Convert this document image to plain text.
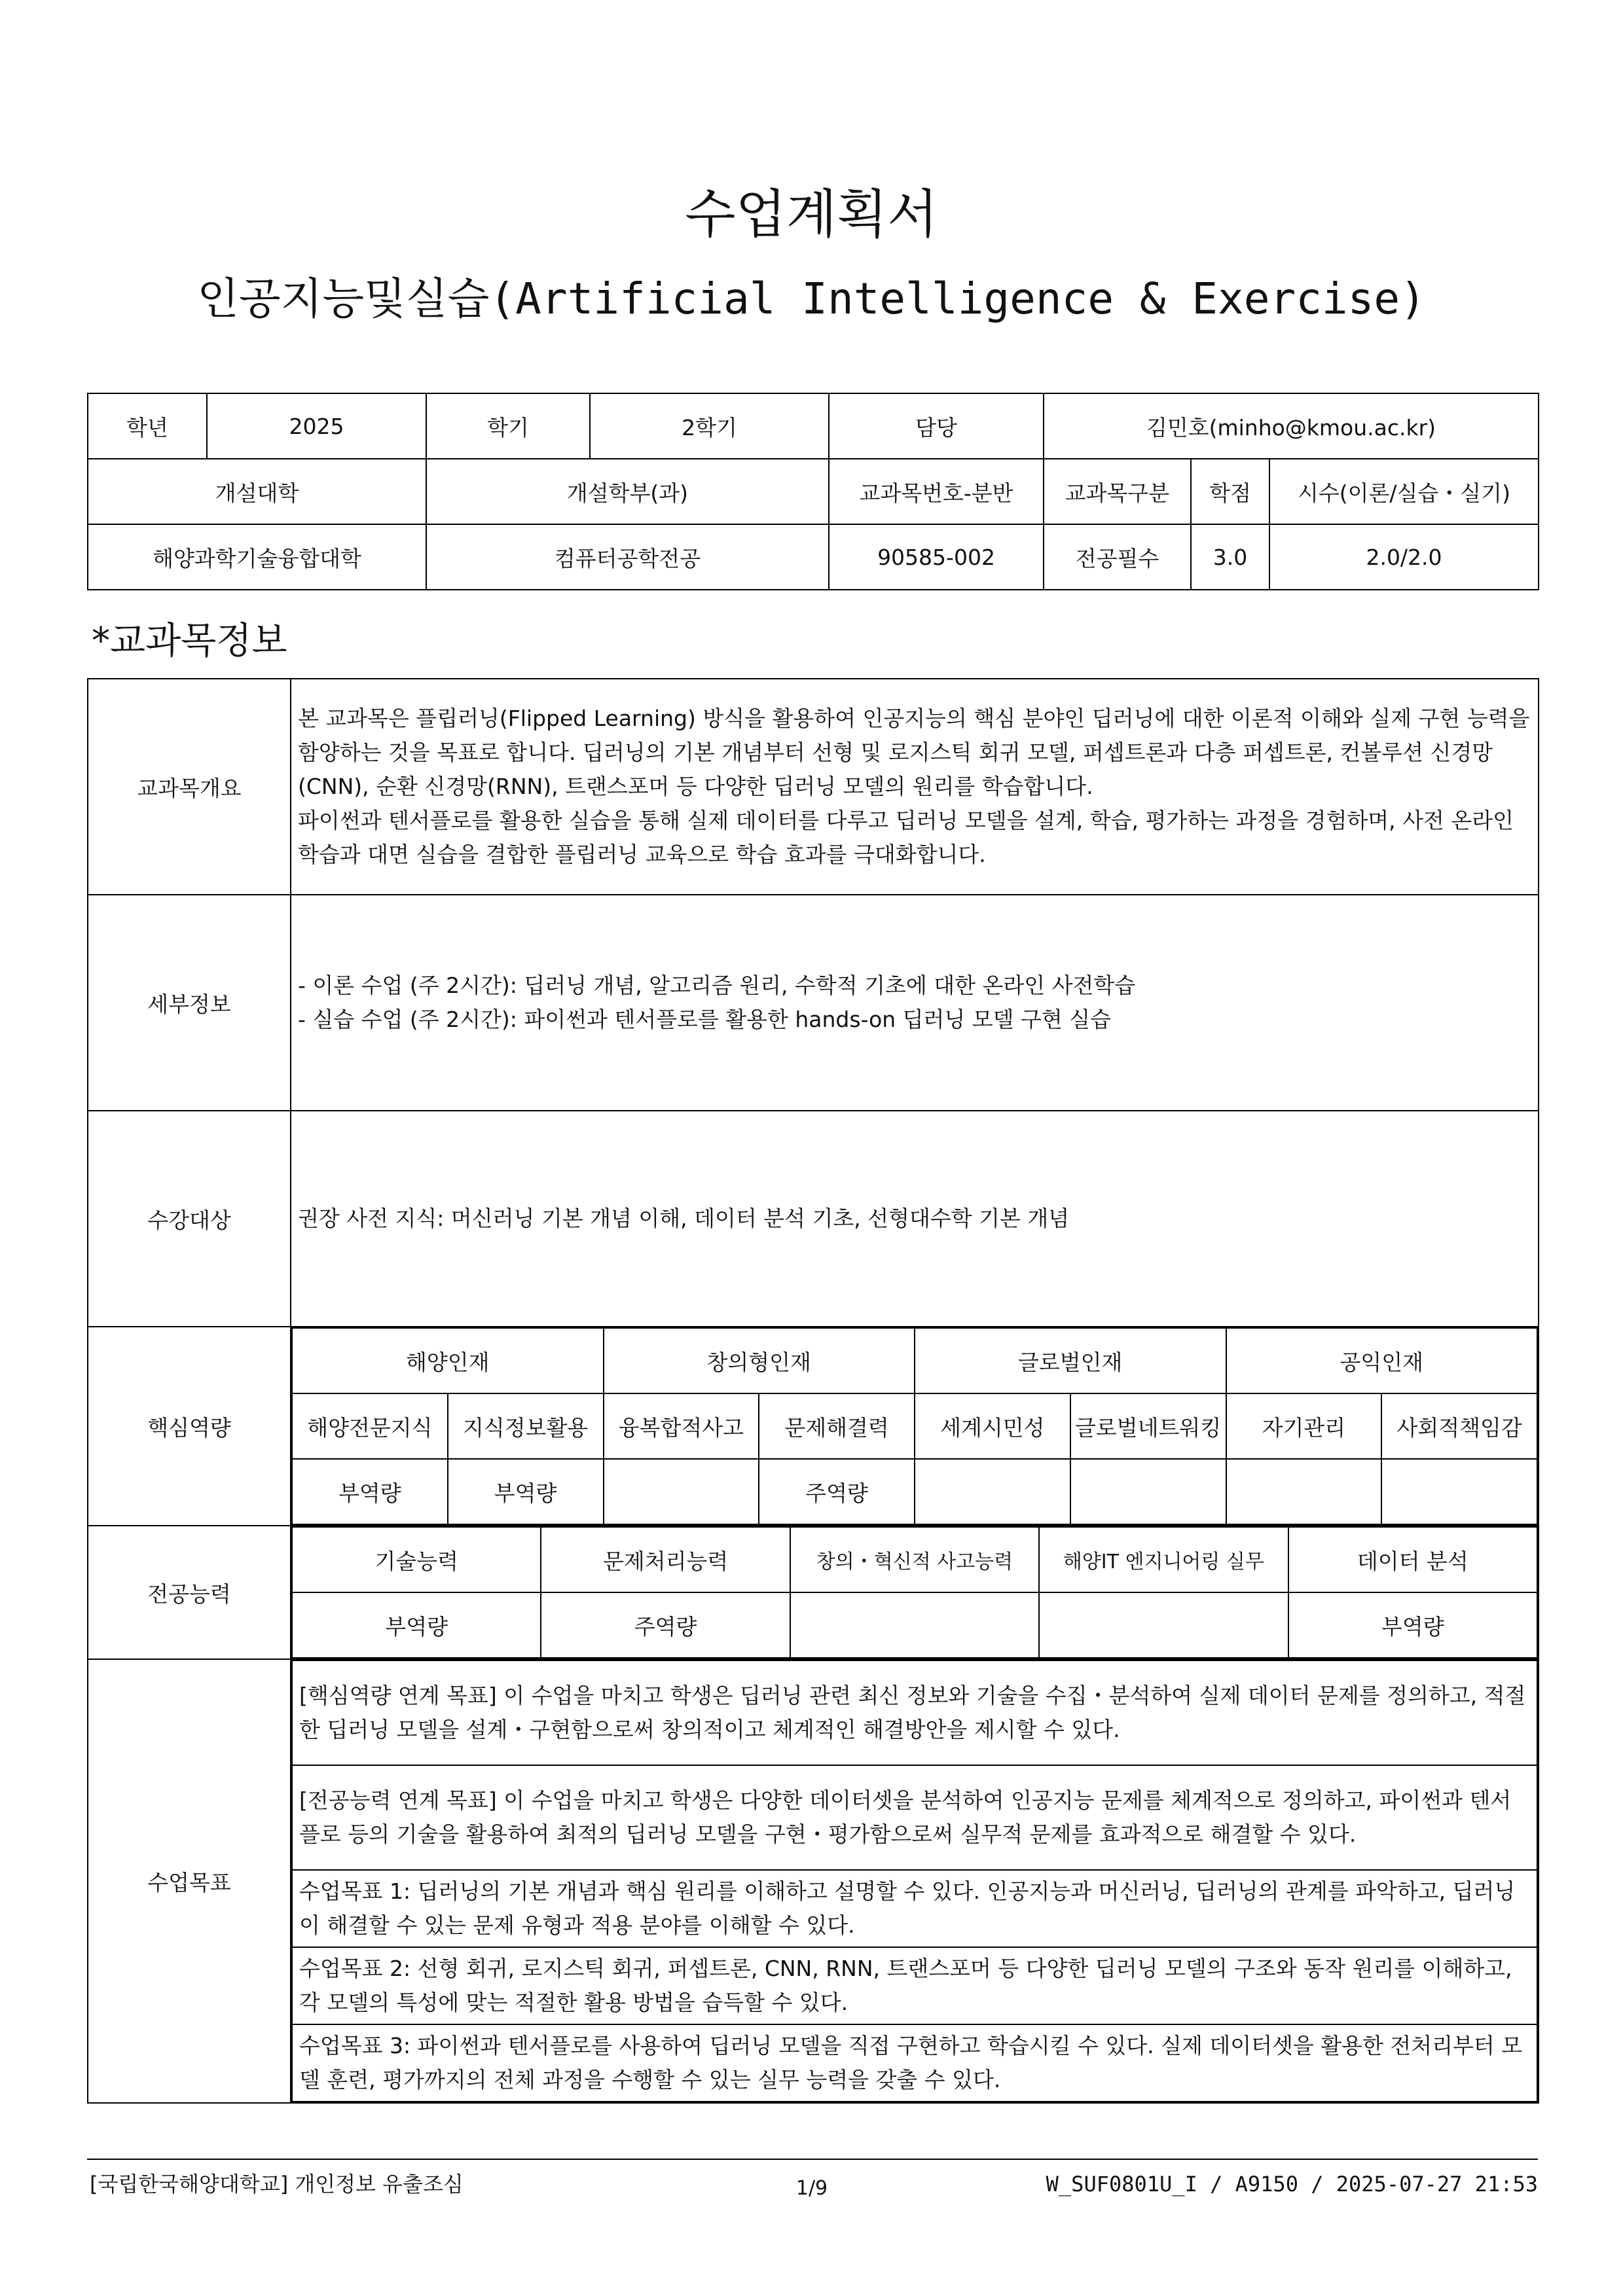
수업계획서
인공지능및실습(Artificial Intelligence & Exercise)
학년	2025	학기	2학기	담당	김민호(minho@kmou.ac.kr)		
개설대학		개설학부(과)		교과목번호-분반	교과목구분	학점	시수(이론/실습・실기)
해양과학기술융합대학		컴퓨터공학전공		90585-002	전공필수	3.0	2.0/2.0
*교과목정보
교과목개요	
본 교과목은 플립러닝(Flipped Learning) 방식을 활용하여 인공지능의 핵심 분야인 딥러닝에 대한 이론적 이해와 실제 구현 능력을 함양하는 것을 목표로 합니다. 딥러닝의 기본 개념부터 선형 및 로지스틱 회귀 모델, 퍼셉트론과 다층 퍼셉트론, 컨볼루션 신경망(CNN), 순환 신경망(RNN), 트랜스포머 등 다양한 딥러닝 모델의 원리를 학습합니다.
파이썬과 텐서플로를 활용한 실습을 통해 실제 데이터를 다루고 딥러닝 모델을 설계, 학습, 평가하는 과정을 경험하며, 사전 온라인 학습과 대면 실습을 결합한 플립러닝 교육으로 학습 효과를 극대화합니다.

세부정보	
- 이론 수업 (주 2시간): 딥러닝 개념, 알고리즘 원리, 수학적 기초에 대한 온라인 사전학습
- 실습 수업 (주 2시간): 파이썬과 텐서플로를 활용한 hands-on 딥러닝 모델 구현 실습

수강대상	권장 사전 지식: 머신러닝 기본 개념 이해, 데이터 분석 기초, 선형대수학 기본 개념
핵심역량	
해양인재	창의형인재	글로벌인재	공익인재
해양전문지식	지식정보활용	융복합적사고	문제해결력	세계시민성	글로벌네트워킹	자기관리	사회적책임감
부역량	부역량		주역량				

전공능력	
기술능력	문제처리능력	창의・혁신적 사고능력	해양IT 엔지니어링 실무	데이터 분석
부역량	주역량			부역량

수업목표	
[핵심역량 연계 목표] 이 수업을 마치고 학생은 딥러닝 관련 최신 정보와 기술을 수집・분석하여 실제 데이터 문제를 정의하고, 적절한 딥러닝 모델을 설계・구현함으로써 창의적이고 체계적인 해결방안을 제시할 수 있다.
[전공능력 연계 목표] 이 수업을 마치고 학생은 다양한 데이터셋을 분석하여 인공지능 문제를 체계적으로 정의하고, 파이썬과 텐서플로 등의 기술을 활용하여 최적의 딥러닝 모델을 구현・평가함으로써 실무적 문제를 효과적으로 해결할 수 있다.
수업목표 1: 딥러닝의 기본 개념과 핵심 원리를 이해하고 설명할 수 있다. 인공지능과 머신러닝, 딥러닝의 관계를 파악하고, 딥러닝이 해결할 수 있는 문제 유형과 적용 분야를 이해할 수 있다.
수업목표 2: 선형 회귀, 로지스틱 회귀, 퍼셉트론, CNN, RNN, 트랜스포머 등 다양한 딥러닝 모델의 구조와 동작 원리를 이해하고, 각 모델의 특성에 맞는 적절한 활용 방법을 습득할 수 있다.
수업목표 3: 파이썬과 텐서플로를 사용하여 딥러닝 모델을 직접 구현하고 학습시킬 수 있다. 실제 데이터셋을 활용한 전처리부터 모델 훈련, 평가까지의 전체 과정을 수행할 수 있는 실무 능력을 갖출 수 있다.
[국립한국해양대학교] 개인정보 유출조심	1/9	W_SUF0801U_I / A9150 / 2025-07-27 21:53
